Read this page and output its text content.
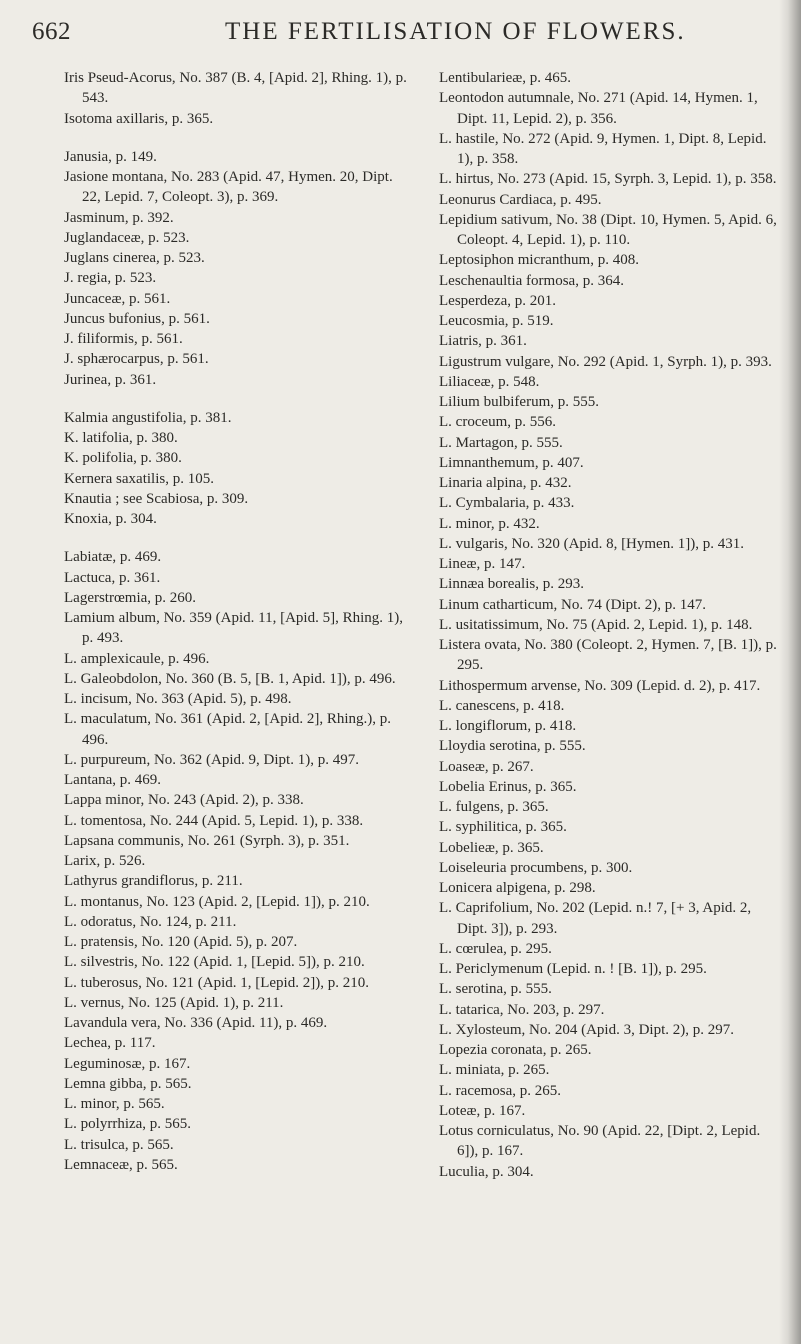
662	THE FERTILISATION OF FLOWERS.

Iris Pseud-Acorus, No. 387 (B. 4, [Apid. 2], Rhing. 1), p. 543.

Isotoma axillaris, p. 365.

Janusia, p. 149.

Jasione montana, No. 283 (Apid. 47, Hymen. 20, Dipt. 22, Lepid. 7, Coleopt. 3), p. 369.

Jasminum, p. 392.

Juglandaceæ, p. 523.

Juglans cinerea, p. 523.

J. regia, p. 523.

Juncaceæ, p. 561.

Juncus bufonius, p. 561.

J. filiformis, p. 561.

J. sphærocarpus, p. 561.

Jurinea, p. 361.

Kalmia angustifolia, p. 381.

K. latifolia, p. 380.

K. polifolia, p. 380.

Kernera saxatilis, p. 105.

Knautia ; see Scabiosa, p. 309.

Knoxia, p. 304.

Labiatæ, p. 469.

Lactuca, p. 361.

Lagerstrœmia, p. 260.

Lamium album, No. 359 (Apid. 11, [Apid. 5], Rhing. 1), p. 493.

L. amplexicaule, p. 496.

L. Galeobdolon, No. 360 (B. 5, [B. 1, Apid. 1]), p. 496.

L. incisum, No. 363 (Apid. 5), p. 498.

L. maculatum, No. 361 (Apid. 2, [Apid. 2], Rhing.), p. 496.

L. purpureum, No. 362 (Apid. 9, Dipt. 1), p. 497.

Lantana, p. 469.

Lappa minor, No. 243 (Apid. 2), p. 338.

L. tomentosa, No. 244 (Apid. 5, Lepid. 1), p. 338.

Lapsana communis, No. 261 (Syrph. 3), p. 351.

Larix, p. 526.

Lathyrus grandiflorus, p. 211.

L. montanus, No. 123 (Apid. 2, [Lepid. 1]), p. 210.

L. odoratus, No. 124, p. 211.

L. pratensis, No. 120 (Apid. 5), p. 207.

L. silvestris, No. 122 (Apid. 1, [Lepid. 5]), p. 210.

L. tuberosus, No. 121 (Apid. 1, [Lepid. 2]), p. 210.

L. vernus, No. 125 (Apid. 1), p. 211.

Lavandula vera, No. 336 (Apid. 11), p. 469.

Lechea, p. 117.

Leguminosæ, p. 167.

Lemna gibba, p. 565.

L. minor, p. 565.

L. polyrrhiza, p. 565.

L. trisulca, p. 565.

Lemnaceæ, p. 565.

Lentibularieæ, p. 465.

Leontodon autumnale, No. 271 (Apid. 14, Hymen. 1, Dipt. 11, Lepid. 2), p. 356.

L. hastile, No. 272 (Apid. 9, Hymen. 1, Dipt. 8, Lepid. 1), p. 358.

L. hirtus, No. 273 (Apid. 15, Syrph. 3, Lepid. 1), p. 358.

Leonurus Cardiaca, p. 495.

Lepidium sativum, No. 38 (Dipt. 10, Hymen. 5, Apid. 6, Coleopt. 4, Lepid. 1), p. 110.

Leptosiphon micranthum, p. 408.

Leschenaultia formosa, p. 364.

Lesperdeza, p. 201.

Leucosmia, p. 519.

Liatris, p. 361.

Ligustrum vulgare, No. 292 (Apid. 1, Syrph. 1), p. 393.

Liliaceæ, p. 548.

Lilium bulbiferum, p. 555.

L. croceum, p. 556.

L. Martagon, p. 555.

Limnanthemum, p. 407.

Linaria alpina, p. 432.

L. Cymbalaria, p. 433.

L. minor, p. 432.

L. vulgaris, No. 320 (Apid. 8, [Hymen. 1]), p. 431.

Lineæ, p. 147.

Linnæa borealis, p. 293.

Linum catharticum, No. 74 (Dipt. 2), p. 147.

L. usitatissimum, No. 75 (Apid. 2, Lepid. 1), p. 148.

Listera ovata, No. 380 (Coleopt. 2, Hymen. 7, [B. 1]), p. 295.

Lithospermum arvense, No. 309 (Lepid. d. 2), p. 417.

L. canescens, p. 418.

L. longiflorum, p. 418.

Lloydia serotina, p. 555.

Loaseæ, p. 267.

Lobelia Erinus, p. 365.

L. fulgens, p. 365.

L. syphilitica, p. 365.

Lobelieæ, p. 365.

Loiseleuria procumbens, p. 300.

Lonicera alpigena, p. 298.

L. Caprifolium, No. 202 (Lepid. n.! 7, [+ 3, Apid. 2, Dipt. 3]), p. 293.

L. cœrulea, p. 295.

L. Periclymenum (Lepid. n. ! [B. 1]), p. 295.

L. serotina, p. 555.

L. tatarica, No. 203, p. 297.

L. Xylosteum, No. 204 (Apid. 3, Dipt. 2), p. 297.

Lopezia coronata, p. 265.

L. miniata, p. 265.

L. racemosa, p. 265.

Loteæ, p. 167.

Lotus corniculatus, No. 90 (Apid. 22, [Dipt. 2, Lepid. 6]), p. 167.

Luculia, p. 304.
